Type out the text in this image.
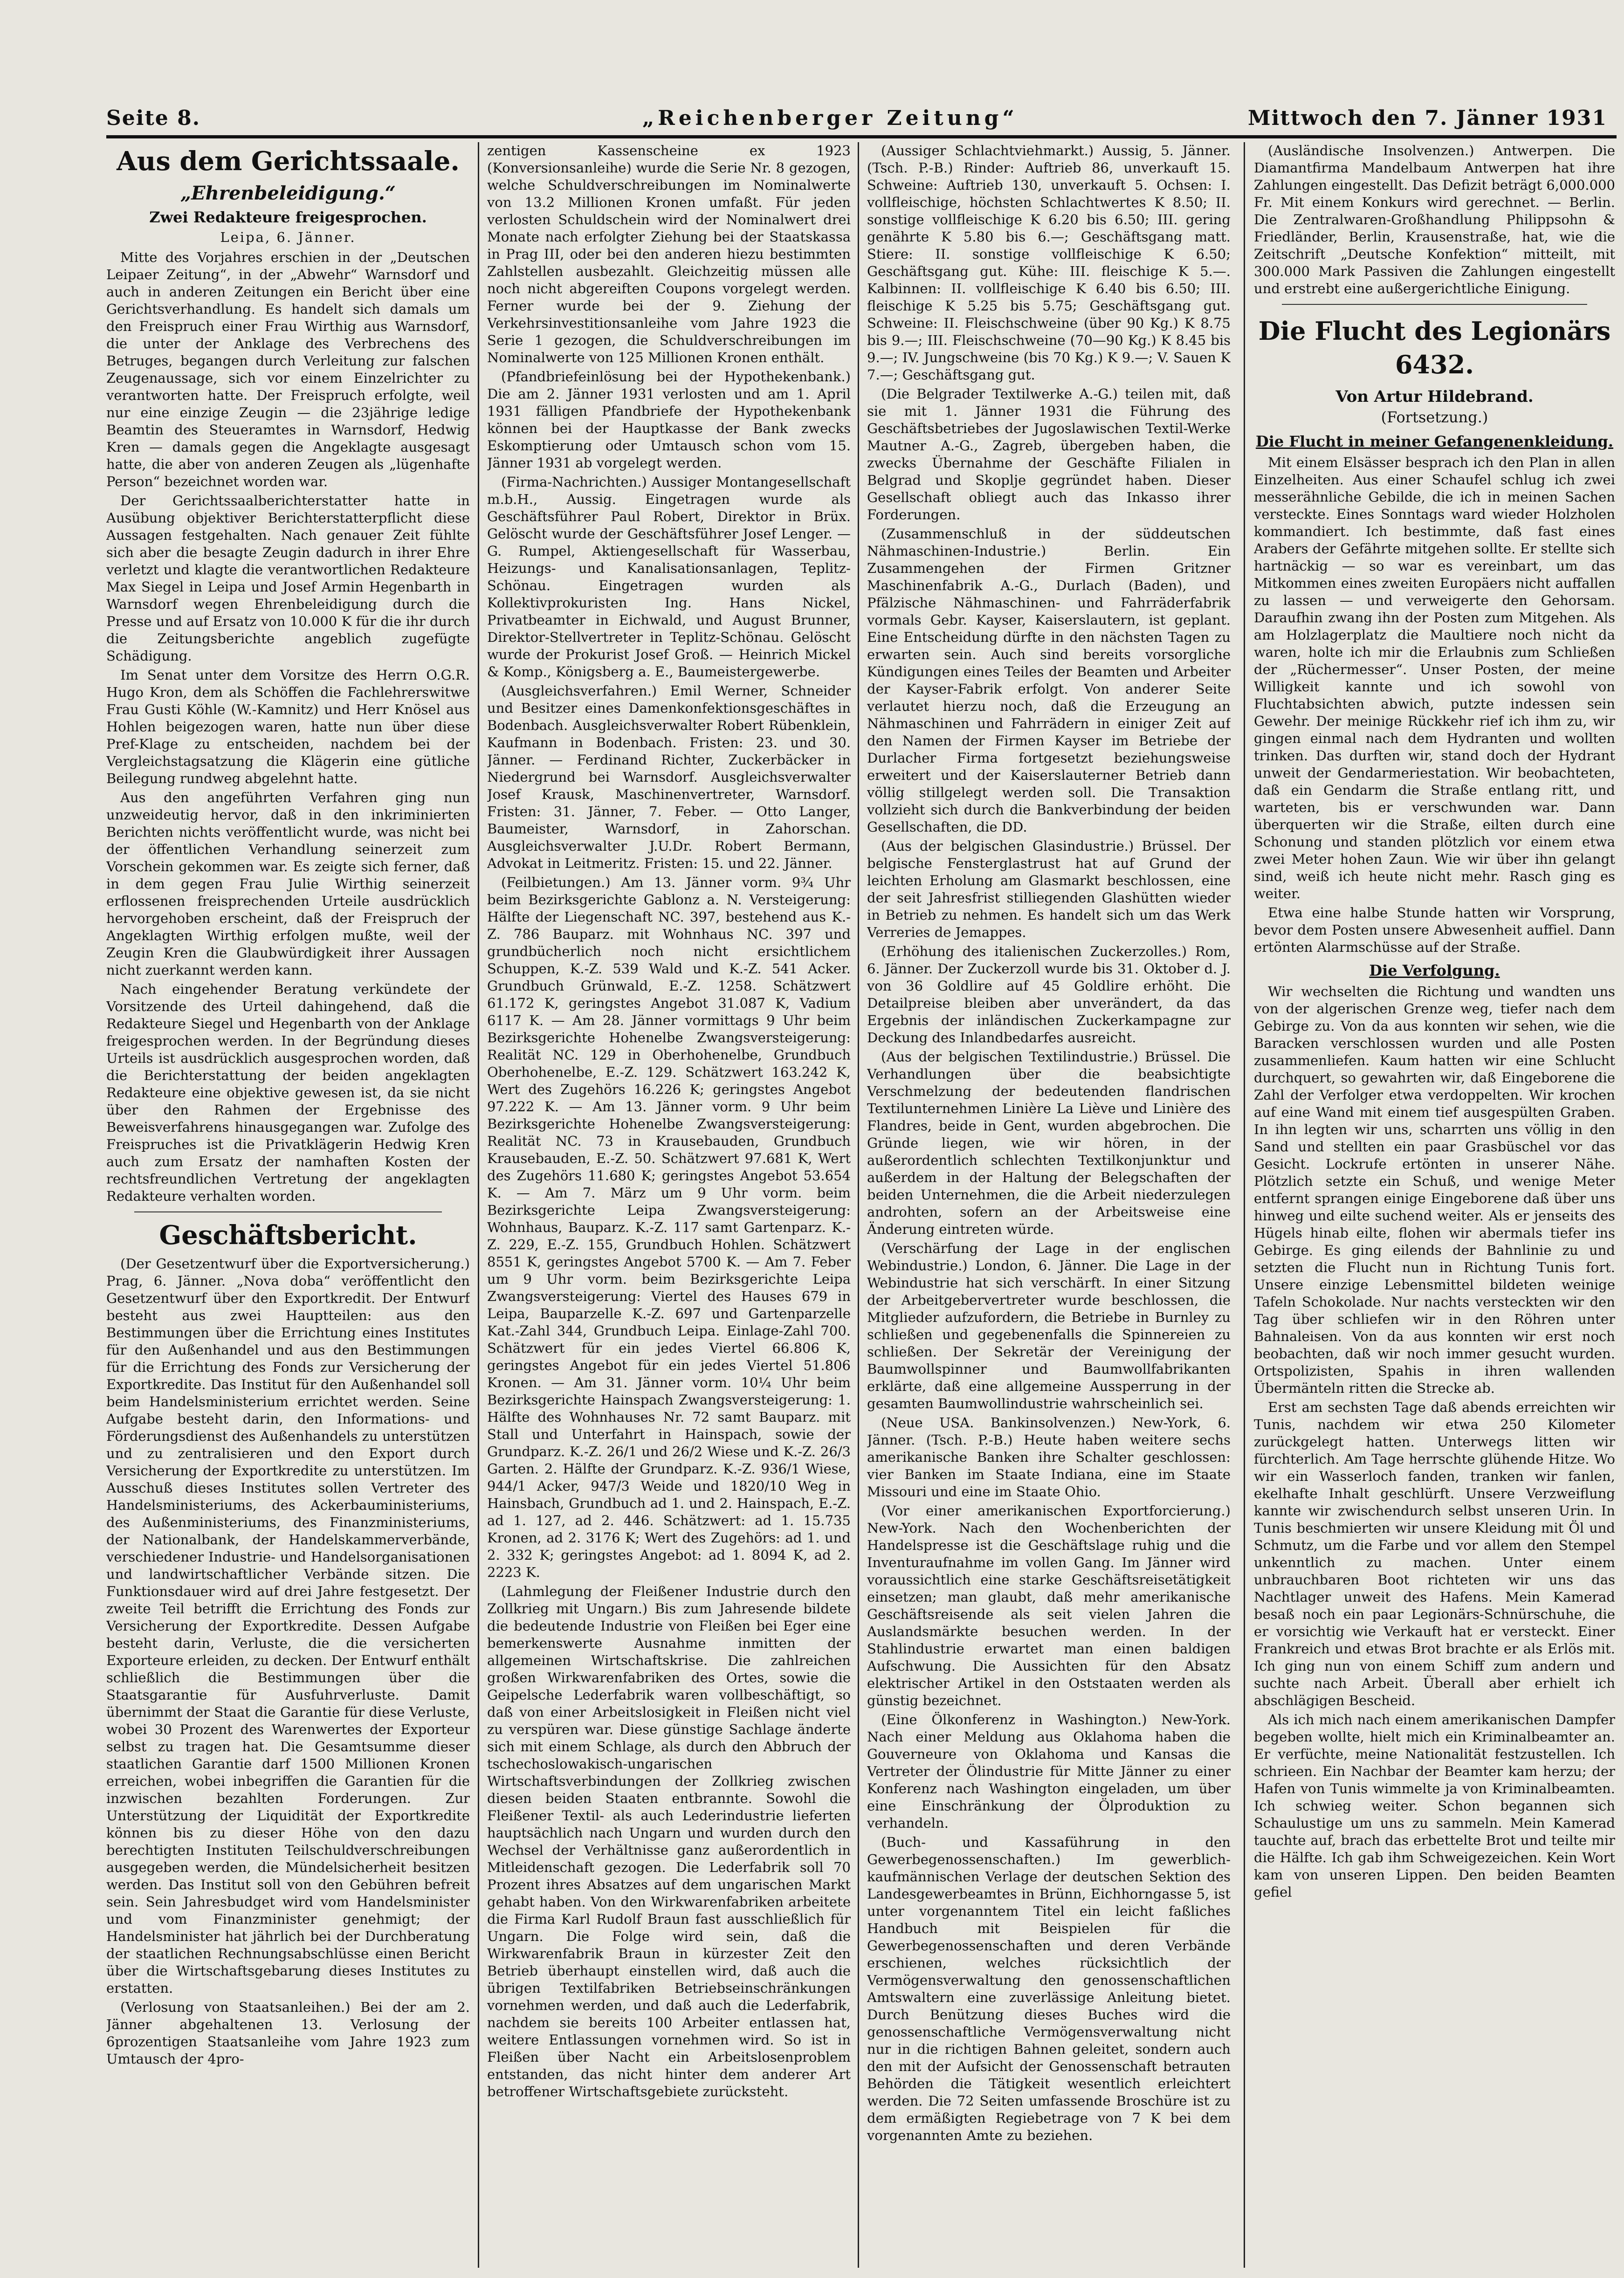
Seite 8.	„Reichenberger Zeitung“	Mittwoch den 7. Jänner 1931
Aus dem Gerichtssaale.
„Ehrenbeleidigung.“
Zwei Redakteure freigesprochen.
Leipa, 6. Jänner.

Mitte des Vorjahres erschien in der „Deutschen Leipaer Zeitung“, in der „Abwehr“ Warnsdorf und auch in anderen Zeitungen ein Bericht über eine Gerichtsverhandlung. Es handelt sich damals um den Freispruch einer Frau Wirthig aus Warnsdorf, die unter der Anklage des Verbrechens des Betruges, begangen durch Verleitung zur falschen Zeugenaussage, sich vor einem Einzelrichter zu verantworten hatte. Der Freispruch erfolgte, weil nur eine einzige Zeugin — die 23jährige ledige Beamtin des Steueramtes in Warnsdorf, Hedwig Kren — damals gegen die Angeklagte ausgesagt hatte, die aber von anderen Zeugen als „lügenhafte Person“ bezeichnet worden war.

Der Gerichtssaalberichterstatter hatte in Ausübung objektiver Berichterstatterpflicht diese Aussagen festgehalten. Nach genauer Zeit fühlte sich aber die besagte Zeugin dadurch in ihrer Ehre verletzt und klagte die verantwortlichen Redakteure Max Siegel in Leipa und Josef Armin Hegenbarth in Warnsdorf wegen Ehrenbeleidigung durch die Presse und auf Ersatz von 10.000 K für die ihr durch die Zeitungsberichte angeblich zugefügte Schädigung.

Im Senat unter dem Vorsitze des Herrn O.G.R. Hugo Kron, dem als Schöffen die Fachlehrerswitwe Frau Gusti Köhle (W.-Kamnitz) und Herr Knösel aus Hohlen beigezogen waren, hatte nun über diese Pref-Klage zu entscheiden, nachdem bei der Vergleichstagsatzung die Klägerin eine gütliche Beilegung rundweg abgelehnt hatte.

Aus den angeführten Verfahren ging nun unzweideutig hervor, daß in den inkriminierten Berichten nichts veröffentlicht wurde, was nicht bei der öffentlichen Verhandlung seinerzeit zum Vorschein gekommen war. Es zeigte sich ferner, daß in dem gegen Frau Julie Wirthig seinerzeit erflossenen freisprechenden Urteile ausdrücklich hervorgehoben erscheint, daß der Freispruch der Angeklagten Wirthig erfolgen mußte, weil der Zeugin Kren die Glaubwürdigkeit ihrer Aussagen nicht zuerkannt werden kann.

Nach eingehender Beratung verkündete der Vorsitzende des Urteil dahingehend, daß die Redakteure Siegel und Hegenbarth von der Anklage freigesprochen werden. In der Begründung dieses Urteils ist ausdrücklich ausgesprochen worden, daß die Berichterstattung der beiden angeklagten Redakteure eine objektive gewesen ist, da sie nicht über den Rahmen der Ergebnisse des Beweisverfahrens hinausgegangen war. Zufolge des Freispruches ist die Privatklägerin Hedwig Kren auch zum Ersatz der namhaften Kosten der rechtsfreundlichen Vertretung der angeklagten Redakteure verhalten worden.

Geschäftsbericht.

(Der Gesetzentwurf über die Exportversicherung.) Prag, 6. Jänner. „Nova doba“ veröffentlicht den Gesetzentwurf über den Exportkredit. Der Entwurf besteht aus zwei Hauptteilen: aus den Bestimmungen über die Errichtung eines Institutes für den Außenhandel und aus den Bestimmungen für die Errichtung des Fonds zur Versicherung der Exportkredite. Das Institut für den Außenhandel soll beim Handelsministerium errichtet werden. Seine Aufgabe besteht darin, den Informations- und Förderungsdienst des Außenhandels zu unterstützen und zu zentralisieren und den Export durch Versicherung der Exportkredite zu unterstützen. Im Ausschuß dieses Institutes sollen Vertreter des Handelsministeriums, des Ackerbauministeriums, des Außenministeriums, des Finanzministeriums, der Nationalbank, der Handelskammerverbände, verschiedener Industrie- und Handelsorganisationen und landwirtschaftlicher Verbände sitzen. Die Funktionsdauer wird auf drei Jahre festgesetzt. Der zweite Teil betrifft die Errichtung des Fonds zur Versicherung der Exportkredite. Dessen Aufgabe besteht darin, Verluste, die die versicherten Exporteure erleiden, zu decken. Der Entwurf enthält schließlich die Bestimmungen über die Staatsgarantie für Ausfuhrverluste. Damit übernimmt der Staat die Garantie für diese Verluste, wobei 30 Prozent des Warenwertes der Exporteur selbst zu tragen hat. Die Gesamtsumme dieser staatlichen Garantie darf 1500 Millionen Kronen erreichen, wobei inbegriffen die Garantien für die inzwischen bezahlten Forderungen. Zur Unterstützung der Liquidität der Exportkredite können bis zu dieser Höhe von den dazu berechtigten Instituten Teilschuldverschreibungen ausgegeben werden, die Mündelsicherheit besitzen werden. Das Institut soll von den Gebühren befreit sein. Sein Jahresbudget wird vom Handelsminister und vom Finanzminister genehmigt; der Handelsminister hat jährlich bei der Durchberatung der staatlichen Rechnungsabschlüsse einen Bericht über die Wirtschaftsgebarung dieses Institutes zu erstatten.

(Verlosung von Staatsanleihen.) Bei der am 2. Jänner abgehaltenen 13. Verlosung der 6prozentigen Staatsanleihe vom Jahre 1923 zum Umtausch der 4pro-

zentigen Kassenscheine ex 1923 (Konversionsanleihe) wurde die Serie Nr. 8 gezogen, welche Schuldverschreibungen im Nominalwerte von 13.2 Millionen Kronen umfaßt. Für jeden verlosten Schuldschein wird der Nominalwert drei Monate nach erfolgter Ziehung bei der Staatskassa in Prag III, oder bei den anderen hiezu bestimmten Zahlstellen ausbezahlt. Gleichzeitig müssen alle noch nicht abgereiften Coupons vorgelegt werden. Ferner wurde bei der 9. Ziehung der Verkehrsinvestitionsanleihe vom Jahre 1923 die Serie 1 gezogen, die Schuldverschreibungen im Nominalwerte von 125 Millionen Kronen enthält.

(Pfandbriefeinlösung bei der Hypothekenbank.) Die am 2. Jänner 1931 verlosten und am 1. April 1931 fälligen Pfandbriefe der Hypothekenbank können bei der Hauptkasse der Bank zwecks Eskomptierung oder Umtausch schon vom 15. Jänner 1931 ab vorgelegt werden.

(Firma-Nachrichten.) Aussiger Montangesellschaft m.b.H., Aussig. Eingetragen wurde als Geschäftsführer Paul Robert, Direktor in Brüx. Gelöscht wurde der Geschäftsführer Josef Lenger. — G. Rumpel, Aktiengesellschaft für Wasserbau, Heizungs- und Kanalisationsanlagen, Teplitz-Schönau. Eingetragen wurden als Kollektivprokuristen Ing. Hans Nickel, Privatbeamter in Eichwald, und August Brunner, Direktor-Stellvertreter in Teplitz-Schönau. Gelöscht wurde der Prokurist Josef Groß. — Heinrich Mickel & Komp., Königsberg a. E., Baumeistergewerbe.

(Ausgleichsverfahren.) Emil Werner, Schneider und Besitzer eines Damenkonfektionsgeschäftes in Bodenbach. Ausgleichsverwalter Robert Rübenklein, Kaufmann in Bodenbach. Fristen: 23. und 30. Jänner. — Ferdinand Richter, Zuckerbäcker in Niedergrund bei Warnsdorf. Ausgleichsverwalter Josef Krausk, Maschinenvertreter, Warnsdorf. Fristen: 31. Jänner, 7. Feber. — Otto Langer, Baumeister, Warnsdorf, in Zahorschan. Ausgleichsverwalter J.U.Dr. Robert Bermann, Advokat in Leitmeritz. Fristen: 15. und 22. Jänner.

(Feilbietungen.) Am 13. Jänner vorm. 9¾ Uhr beim Bezirksgerichte Gablonz a. N. Versteigerung: Hälfte der Liegenschaft NC. 397, bestehend aus K.-Z. 786 Bauparz. mit Wohnhaus NC. 397 und grundbücherlich noch nicht ersichtlichem Schuppen, K.-Z. 539 Wald und K.-Z. 541 Acker. Grundbuch Grünwald, E.-Z. 1258. Schätzwert 61.172 K, geringstes Angebot 31.087 K, Vadium 6117 K. — Am 28. Jänner vormittags 9 Uhr beim Bezirksgerichte Hohenelbe Zwangsversteigerung: Realität NC. 129 in Oberhohenelbe, Grundbuch Oberhohenelbe, E.-Z. 129. Schätzwert 163.242 K, Wert des Zugehörs 16.226 K; geringstes Angebot 97.222 K. — Am 13. Jänner vorm. 9 Uhr beim Bezirksgerichte Hohenelbe Zwangsversteigerung: Realität NC. 73 in Krausebauden, Grundbuch Krausebauden, E.-Z. 50. Schätzwert 97.681 K, Wert des Zugehörs 11.680 K; geringstes Angebot 53.654 K. — Am 7. März um 9 Uhr vorm. beim Bezirksgerichte Leipa Zwangsversteigerung: Wohnhaus, Bauparz. K.-Z. 117 samt Gartenparz. K.-Z. 229, E.-Z. 155, Grundbuch Hohlen. Schätzwert 8551 K, geringstes Angebot 5700 K. — Am 7. Feber um 9 Uhr vorm. beim Bezirksgerichte Leipa Zwangsversteigerung: Viertel des Hauses 679 in Leipa, Bauparzelle K.-Z. 697 und Gartenparzelle Kat.-Zahl 344, Grundbuch Leipa. Einlage-Zahl 700. Schätzwert für ein jedes Viertel 66.806 K, geringstes Angebot für ein jedes Viertel 51.806 Kronen. — Am 31. Jänner vorm. 10¼ Uhr beim Bezirksgerichte Hainspach Zwangsversteigerung: 1. Hälfte des Wohnhauses Nr. 72 samt Bauparz. mit Stall und Unterfahrt in Hainspach, sowie der Grundparz. K.-Z. 26/1 und 26/2 Wiese und K.-Z. 26/3 Garten. 2. Hälfte der Grundparz. K.-Z. 936/1 Wiese, 944/1 Acker, 947/3 Weide und 1820/10 Weg in Hainsbach, Grundbuch ad 1. und 2. Hainspach, E.-Z. ad 1. 127, ad 2. 446. Schätzwert: ad 1. 15.735 Kronen, ad 2. 3176 K; Wert des Zugehörs: ad 1. und 2. 332 K; geringstes Angebot: ad 1. 8094 K, ad 2. 2223 K.

(Lahmlegung der Fleißener Industrie durch den Zollkrieg mit Ungarn.) Bis zum Jahresende bildete die bedeutende Industrie von Fleißen bei Eger eine bemerkenswerte Ausnahme inmitten der allgemeinen Wirtschaftskrise. Die zahlreichen großen Wirkwarenfabriken des Ortes, sowie die Geipelsche Lederfabrik waren vollbeschäftigt, so daß von einer Arbeitslosigkeit in Fleißen nicht viel zu verspüren war. Diese günstige Sachlage änderte sich mit einem Schlage, als durch den Abbruch der tschechoslowakisch-ungarischen Wirtschaftsverbindungen der Zollkrieg zwischen diesen beiden Staaten entbrannte. Sowohl die Fleißener Textil- als auch Lederindustrie lieferten hauptsächlich nach Ungarn und wurden durch den Wechsel der Verhältnisse ganz außerordentlich in Mitleidenschaft gezogen. Die Lederfabrik soll 70 Prozent ihres Absatzes auf dem ungarischen Markt gehabt haben. Von den Wirkwarenfabriken arbeitete die Firma Karl Rudolf Braun fast ausschließlich für Ungarn. Die Folge wird sein, daß die Wirkwarenfabrik Braun in kürzester Zeit den Betrieb überhaupt einstellen wird, daß auch die übrigen Textilfabriken Betriebseinschränkungen vornehmen werden, und daß auch die Lederfabrik, nachdem sie bereits 100 Arbeiter entlassen hat, weitere Entlassungen vornehmen wird. So ist in Fleißen über Nacht ein Arbeitslosenproblem entstanden, das nicht hinter dem anderer Art betroffener Wirtschaftsgebiete zurücksteht.

(Aussiger Schlachtviehmarkt.) Aussig, 5. Jänner. (Tsch. P.-B.) Rinder: Auftrieb 86, unverkauft 15. Schweine: Auftrieb 130, unverkauft 5. Ochsen: I. vollfleischige, höchsten Schlachtwertes K 8.50; II. sonstige vollfleischige K 6.20 bis 6.50; III. gering genährte K 5.80 bis 6.—; Geschäftsgang matt. Stiere: II. sonstige vollfleischige K 6.50; Geschäftsgang gut. Kühe: III. fleischige K 5.—. Kalbinnen: II. vollfleischige K 6.40 bis 6.50; III. fleischige K 5.25 bis 5.75; Geschäftsgang gut. Schweine: II. Fleischschweine (über 90 Kg.) K 8.75 bis 9.—; III. Fleischschweine (70—90 Kg.) K 8.45 bis 9.—; IV. Jungschweine (bis 70 Kg.) K 9.—; V. Sauen K 7.—; Geschäftsgang gut.

(Die Belgrader Textilwerke A.-G.) teilen mit, daß sie mit 1. Jänner 1931 die Führung des Geschäftsbetriebes der Jugoslawischen Textil-Werke Mautner A.-G., Zagreb, übergeben haben, die zwecks Übernahme der Geschäfte Filialen in Belgrad und Skoplje gegründet haben. Dieser Gesellschaft obliegt auch das Inkasso ihrer Forderungen.

(Zusammenschluß in der süddeutschen Nähmaschinen-Industrie.) Berlin. Ein Zusammengehen der Firmen Gritzner Maschinenfabrik A.-G., Durlach (Baden), und Pfälzische Nähmaschinen- und Fahrräderfabrik vormals Gebr. Kayser, Kaiserslautern, ist geplant. Eine Entscheidung dürfte in den nächsten Tagen zu erwarten sein. Auch sind bereits vorsorgliche Kündigungen eines Teiles der Beamten und Arbeiter der Kayser-Fabrik erfolgt. Von anderer Seite verlautet hierzu noch, daß die Erzeugung an Nähmaschinen und Fahrrädern in einiger Zeit auf den Namen der Firmen Kayser im Betriebe der Durlacher Firma fortgesetzt beziehungsweise erweitert und der Kaiserslauterner Betrieb dann völlig stillgelegt werden soll. Die Transaktion vollzieht sich durch die Bankverbindung der beiden Gesellschaften, die DD.

(Aus der belgischen Glasindustrie.) Brüssel. Der belgische Fensterglastrust hat auf Grund der leichten Erholung am Glasmarkt beschlossen, eine der seit Jahresfrist stilliegenden Glashütten wieder in Betrieb zu nehmen. Es handelt sich um das Werk Verreries de Jemappes.

(Erhöhung des italienischen Zuckerzolles.) Rom, 6. Jänner. Der Zuckerzoll wurde bis 31. Oktober d. J. von 36 Goldlire auf 45 Goldlire erhöht. Die Detailpreise bleiben aber unverändert, da das Ergebnis der inländischen Zuckerkampagne zur Deckung des Inlandbedarfes ausreicht.

(Aus der belgischen Textilindustrie.) Brüssel. Die Verhandlungen über die beabsichtigte Verschmelzung der bedeutenden flandrischen Textilunternehmen Linière La Liève und Linière des Flandres, beide in Gent, wurden abgebrochen. Die Gründe liegen, wie wir hören, in der außerordentlich schlechten Textilkonjunktur und außerdem in der Haltung der Belegschaften der beiden Unternehmen, die die Arbeit niederzulegen androhten, sofern an der Arbeitsweise eine Änderung eintreten würde.

(Verschärfung der Lage in der englischen Webindustrie.) London, 6. Jänner. Die Lage in der Webindustrie hat sich verschärft. In einer Sitzung der Arbeitgebervertreter wurde beschlossen, die Mitglieder aufzufordern, die Betriebe in Burnley zu schließen und gegebenenfalls die Spinnereien zu schließen. Der Sekretär der Vereinigung der Baumwollspinner und Baumwollfabrikanten erklärte, daß eine allgemeine Aussperrung in der gesamten Baumwollindustrie wahrscheinlich sei.

(Neue USA. Bankinsolvenzen.) New-York, 6. Jänner. (Tsch. P.-B.) Heute haben weitere sechs amerikanische Banken ihre Schalter geschlossen: vier Banken im Staate Indiana, eine im Staate Missouri und eine im Staate Ohio.

(Vor einer amerikanischen Exportforcierung.) New-York. Nach den Wochenberichten der Handelspresse ist die Geschäftslage ruhig und die Inventuraufnahme im vollen Gang. Im Jänner wird voraussichtlich eine starke Geschäftsreisetätigkeit einsetzen; man glaubt, daß mehr amerikanische Geschäftsreisende als seit vielen Jahren die Auslandsmärkte besuchen werden. In der Stahlindustrie erwartet man einen baldigen Aufschwung. Die Aussichten für den Absatz elektrischer Artikel in den Oststaaten werden als günstig bezeichnet.

(Eine Ölkonferenz in Washington.) New-York. Nach einer Meldung aus Oklahoma haben die Gouverneure von Oklahoma und Kansas die Vertreter der Ölindustrie für Mitte Jänner zu einer Konferenz nach Washington eingeladen, um über eine Einschränkung der Ölproduktion zu verhandeln.

(Buch- und Kassaführung in den Gewerbegenossenschaften.) Im gewerblich-kaufmännischen Verlage der deutschen Sektion des Landesgewerbeamtes in Brünn, Eichhorngasse 5, ist unter vorgenanntem Titel ein leicht faßliches Handbuch mit Beispielen für die Gewerbegenossenschaften und deren Verbände erschienen, welches rücksichtlich der Vermögensverwaltung den genossenschaftlichen Amtswaltern eine zuverlässige Anleitung bietet. Durch Benützung dieses Buches wird die genossenschaftliche Vermögensverwaltung nicht nur in die richtigen Bahnen geleitet, sondern auch den mit der Aufsicht der Genossenschaft betrauten Behörden die Tätigkeit wesentlich erleichtert werden. Die 72 Seiten umfassende Broschüre ist zu dem ermäßigten Regiebetrage von 7 K bei dem vorgenannten Amte zu beziehen.

(Ausländische Insolvenzen.) Antwerpen. Die Diamantfirma Mandelbaum Antwerpen hat ihre Zahlungen eingestellt. Das Defizit beträgt 6,000.000 Fr. Mit einem Konkurs wird gerechnet. — Berlin. Die Zentralwaren-Großhandlung Philippsohn & Friedländer, Berlin, Krausenstraße, hat, wie die Zeitschrift „Deutsche Konfektion“ mitteilt, mit 300.000 Mark Passiven die Zahlungen eingestellt und erstrebt eine außergerichtliche Einigung.

Die Flucht des Legionärs 6432.
Von Artur Hildebrand.
(Fortsetzung.)
Die Flucht in meiner Gefangenenkleidung.

Mit einem Elsässer besprach ich den Plan in allen Einzelheiten. Aus einer Schaufel schlug ich zwei messerähnliche Gebilde, die ich in meinen Sachen versteckte. Eines Sonntags ward wieder Holzholen kommandiert. Ich bestimmte, daß fast eines Arabers der Gefährte mitgehen sollte. Er stellte sich hartnäckig — so war es vereinbart, um das Mitkommen eines zweiten Europäers nicht auffallen zu lassen — und verweigerte den Gehorsam. Daraufhin zwang ihn der Posten zum Mitgehen. Als am Holzlagerplatz die Maultiere noch nicht da waren, holte ich mir die Erlaubnis zum Schließen der „Rüchermesser“. Unser Posten, der meine Willigkeit kannte und ich sowohl von Fluchtabsichten abwich, putzte indessen sein Gewehr. Der meinige Rückkehr rief ich ihm zu, wir gingen einmal nach dem Hydranten und wollten trinken. Das durften wir, stand doch der Hydrant unweit der Gendarmeriestation. Wir beobachteten, daß ein Gendarm die Straße entlang ritt, und warteten, bis er verschwunden war. Dann überquerten wir die Straße, eilten durch eine Schonung und standen plötzlich vor einem etwa zwei Meter hohen Zaun. Wie wir über ihn gelangt sind, weiß ich heute nicht mehr. Rasch ging es weiter.

Etwa eine halbe Stunde hatten wir Vorsprung, bevor dem Posten unsere Abwesenheit auffiel. Dann ertönten Alarmschüsse auf der Straße.

Die Verfolgung.

Wir wechselten die Richtung und wandten uns von der algerischen Grenze weg, tiefer nach dem Gebirge zu. Von da aus konnten wir sehen, wie die Baracken verschlossen wurden und alle Posten zusammenliefen. Kaum hatten wir eine Schlucht durchquert, so gewahrten wir, daß Eingeborene die Zahl der Verfolger etwa verdoppelten. Wir krochen auf eine Wand mit einem tief ausgespülten Graben. In ihn legten wir uns, scharrten uns völlig in den Sand und stellten ein paar Grasbüschel vor das Gesicht. Lockrufe ertönten in unserer Nähe. Plötzlich setzte ein Schuß, und wenige Meter entfernt sprangen einige Eingeborene daß über uns hinweg und eilte suchend weiter. Als er jenseits des Hügels hinab eilte, flohen wir abermals tiefer ins Gebirge. Es ging eilends der Bahnlinie zu und setzten die Flucht nun in Richtung Tunis fort. Unsere einzige Lebensmittel bildeten weinige Tafeln Schokolade. Nur nachts versteckten wir den Tag über schliefen wir in den Röhren unter Bahnaleisen. Von da aus konnten wir erst noch beobachten, daß wir noch immer gesucht wurden. Ortspolizisten, Spahis in ihren wallenden Übermänteln ritten die Strecke ab.

Erst am sechsten Tage daß abends erreichten wir Tunis, nachdem wir etwa 250 Kilometer zurückgelegt hatten. Unterwegs litten wir fürchterlich. Am Tage herrschte glühende Hitze. Wo wir ein Wasserloch fanden, tranken wir fanlen, ekelhafte Inhalt geschlürft. Unsere Verzweiflung kannte wir zwischendurch selbst unseren Urin. In Tunis beschmierten wir unsere Kleidung mit Öl und Schmutz, um die Farbe und vor allem den Stempel unkenntlich zu machen. Unter einem unbrauchbaren Boot richteten wir uns das Nachtlager unweit des Hafens. Mein Kamerad besaß noch ein paar Legionärs-Schnürschuhe, die er vorsichtig wie Verkauft hat er versteckt. Einer Frankreich und etwas Brot brachte er als Erlös mit. Ich ging nun von einem Schiff zum andern und suchte nach Arbeit. Überall aber erhielt ich abschlägigen Bescheid.

Als ich mich nach einem amerikanischen Dampfer begeben wollte, hielt mich ein Kriminalbeamter an. Er verfüchte, meine Nationalität festzustellen. Ich schrieen. Ein Nachbar der Beamter kam herzu; der Hafen von Tunis wimmelte ja von Kriminalbeamten. Ich schwieg weiter. Schon begannen sich Schaulustige um uns zu sammeln. Mein Kamerad tauchte auf, brach das erbettelte Brot und teilte mir die Hälfte. Ich gab ihm Schweigezeichen. Kein Wort kam von unseren Lippen. Den beiden Beamten gefiel
